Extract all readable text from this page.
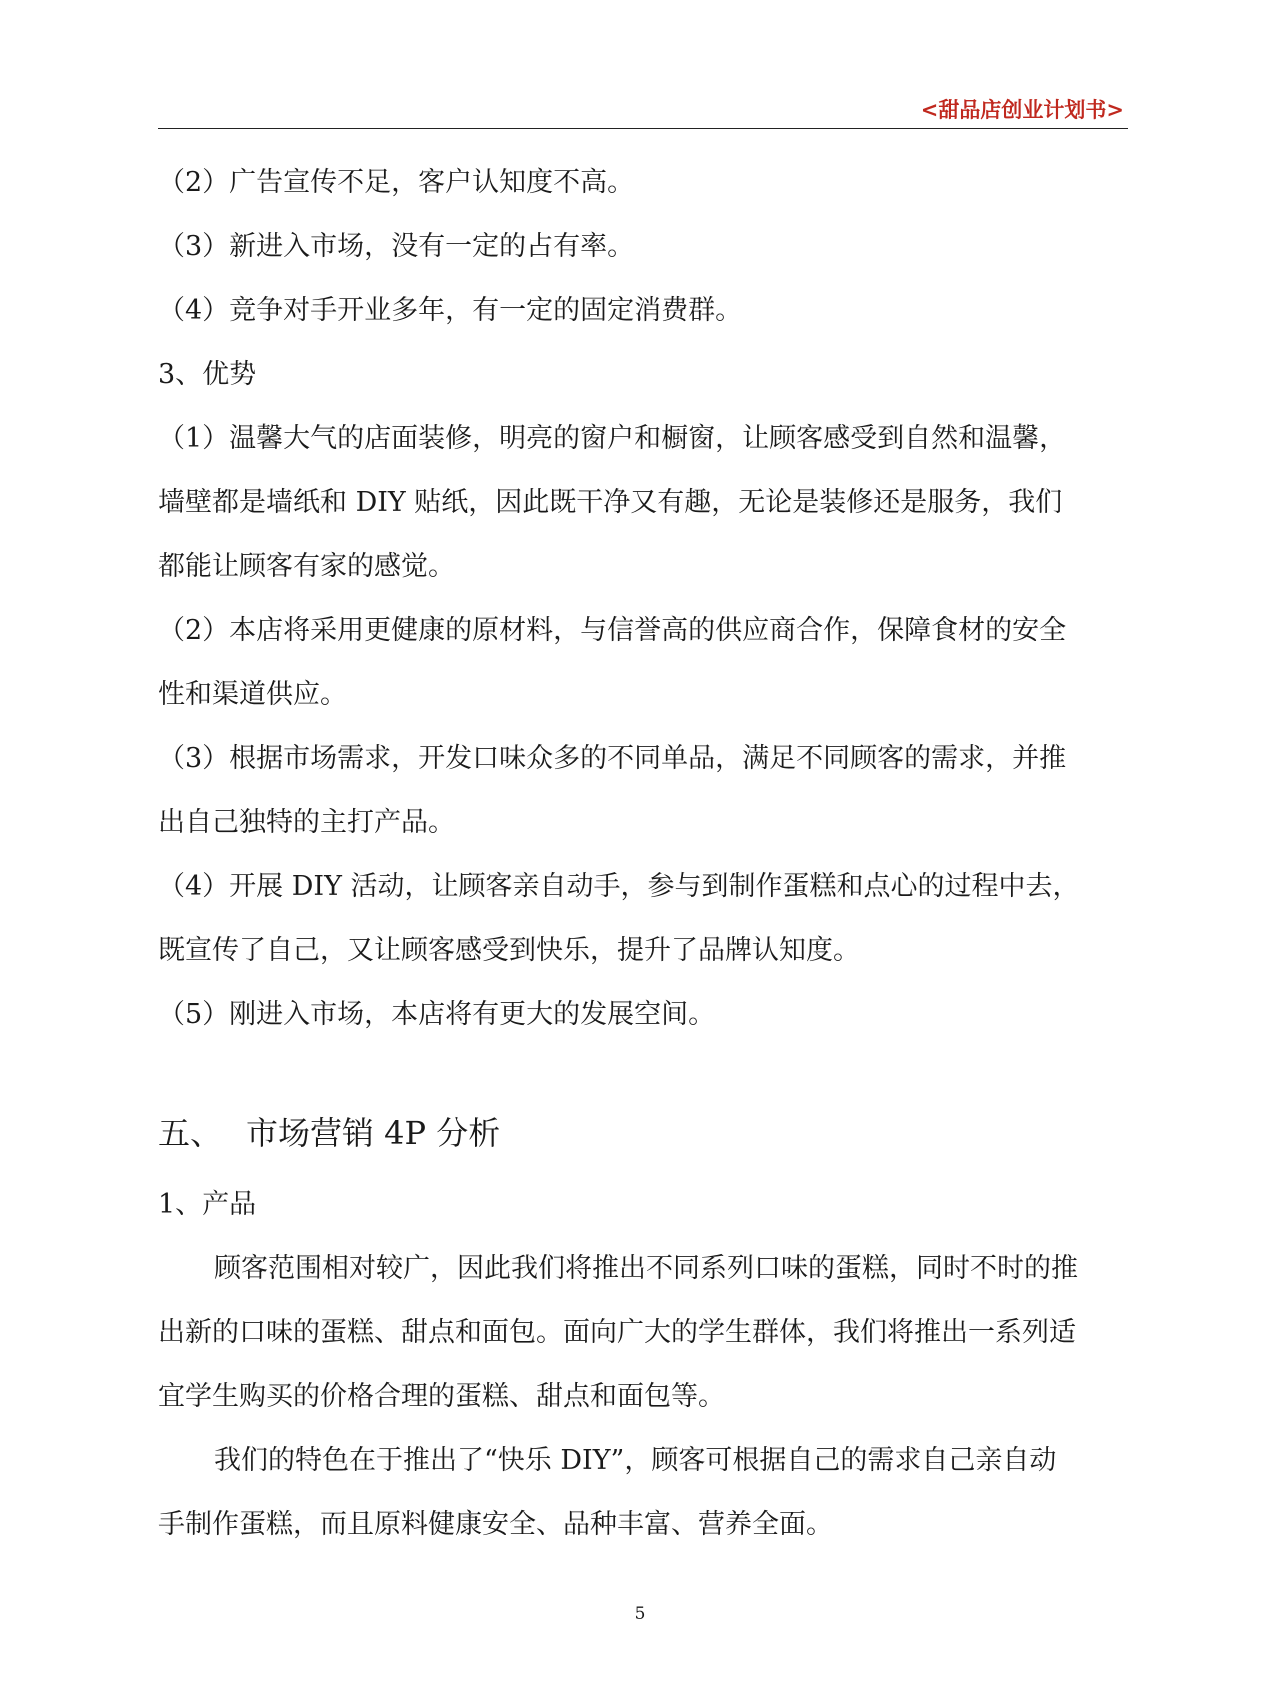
<甜品店创业计划书>
（2）广告宣传不足，客户认知度不高。
（3）新进入市场，没有一定的占有率。
（4）竞争对手开业多年，有一定的固定消费群。
3、优势
（1）温馨大气的店面装修，明亮的窗户和橱窗，让顾客感受到自然和温馨，
墙壁都是墙纸和 DIY 贴纸，因此既干净又有趣，无论是装修还是服务，我们
都能让顾客有家的感觉。
（2）本店将采用更健康的原材料，与信誉高的供应商合作，保障食材的安全
性和渠道供应。
（3）根据市场需求，开发口味众多的不同单品，满足不同顾客的需求，并推
出自己独特的主打产品。
（4）开展 DIY 活动，让顾客亲自动手，参与到制作蛋糕和点心的过程中去，
既宣传了自己，又让顾客感受到快乐，提升了品牌认知度。
（5）刚进入市场，本店将有更大的发展空间。
五、 市场营销 4P 分析
1、产品
顾客范围相对较广，因此我们将推出不同系列口味的蛋糕，同时不时的推
出新的口味的蛋糕、甜点和面包。面向广大的学生群体，我们将推出一系列适
宜学生购买的价格合理的蛋糕、甜点和面包等。
我们的特色在于推出了“快乐 DIY”，顾客可根据自己的需求自己亲自动
手制作蛋糕，而且原料健康安全、品种丰富、营养全面。
5
